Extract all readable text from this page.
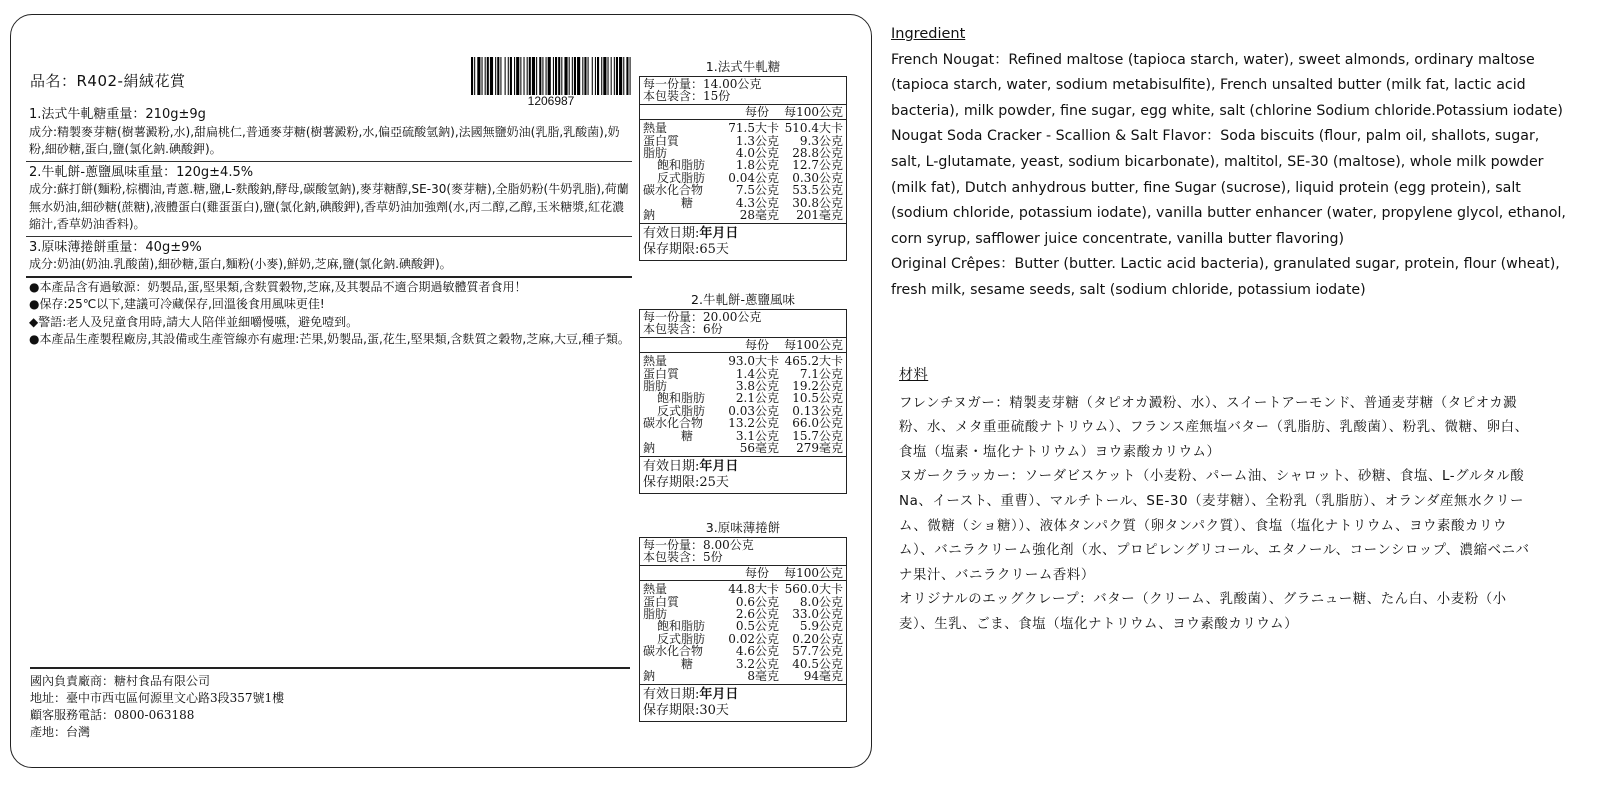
品名：R402-絹絨花賞
1206987
1.法式牛軋糖重量：210g±9g
成分:精製麥芽糖(樹薯澱粉,水),甜扁桃仁,普通麥芽糖(樹薯澱粉,水,偏亞硫酸氫鈉),法國無鹽奶油(乳脂,乳酸菌),奶粉,細砂糖,蛋白,鹽(氯化鈉.碘酸鉀)。
2.牛軋餅-蔥鹽風味重量：120g±4.5%
成分:蘇打餅(麵粉,棕櫚油,青蔥.糖,鹽,L-麩酸鈉,酵母,碳酸氫鈉),麥芽糖醇,SE-30(麥芽糖),全脂奶粉(牛奶乳脂),荷蘭無水奶油,細砂糖(蔗糖),液體蛋白(雞蛋蛋白),鹽(氯化鈉,碘酸鉀),香草奶油加強劑(水,丙二醇,乙醇,玉米糖漿,紅花濃縮汁,香草奶油香料)。
3.原味薄捲餅重量：40g±9%
成分:奶油(奶油.乳酸菌),細砂糖,蛋白,麵粉(小麥),鮮奶,芝麻,鹽(氯化鈉.碘酸鉀)。
●本產品含有過敏源：奶製品,蛋,堅果類,含麩質穀物,芝麻,及其製品不適合期過敏體質者食用！
●保存:25℃以下,建議可冷藏保存,回溫後食用風味更佳!
◆警語:老人及兒童食用時,請大人陪伴並細嚼慢嚥，避免噎到。
●本產品生產製程廠房,其設備或生產管線亦有處理:芒果,奶製品,蛋,花生,堅果類,含麩質之穀物,芝麻,大豆,種子類。
國內負責廠商：糖村食品有限公司
地址：臺中市西屯區何源里文心路3段357號1樓
顧客服務電話：0800-063188
產地：台灣
1.法式牛軋糖
每一份量：14.00公克
本包裝含：15份
每份	每100公克
熱量	71.5大卡 510.4大卡
蛋白質	1.3公克	9.3公克
脂肪	4.0公克	28.8公克
飽和脂肪	1.8公克	12.7公克
反式脂肪	0.04公克	0.30公克
碳水化合物	7.5公克	53.5公克
糖	4.3公克	30.8公克
鈉	28毫克	201毫克
有效日期:年月日
保存期限:65天
2.牛軋餅-蔥鹽風味
每一份量：20.00公克
本包裝含：6份
每份	每100公克
熱量	93.0大卡 465.2大卡
蛋白質	1.4公克	7.1公克
脂肪	3.8公克	19.2公克
飽和脂肪	2.1公克	10.5公克
反式脂肪	0.03公克	0.13公克
碳水化合物	13.2公克	66.0公克
糖	3.1公克	15.7公克
鈉	56毫克	279毫克
有效日期:年月日
保存期限:25天
3.原味薄捲餅
每一份量：8.00公克
本包裝含：5份
每份	每100公克
熱量	44.8大卡 560.0大卡
蛋白質	0.6公克	8.0公克
脂肪	2.6公克	33.0公克
飽和脂肪	0.5公克	5.9公克
反式脂肪	0.02公克	0.20公克
碳水化合物	4.6公克	57.7公克
糖	3.2公克	40.5公克
鈉	8毫克	94毫克
有效日期:年月日
保存期限:30天
Ingredient
French Nougat：Refined maltose (tapioca starch, water), sweet almonds, ordinary maltose (tapioca starch, water, sodium metabisulfite), French unsalted butter (milk fat, lactic acid bacteria), milk powder, fine sugar, egg white, salt (chlorine Sodium chloride.Potassium iodate)
Nougat Soda Cracker - Scallion & Salt Flavor：Soda biscuits (flour, palm oil, shallots, sugar, salt, L-glutamate, yeast, sodium bicarbonate), maltitol, SE-30 (maltose), whole milk powder (milk fat), Dutch anhydrous butter, fine Sugar (sucrose), liquid protein (egg protein), salt (sodium chloride, potassium iodate), vanilla butter enhancer (water, propylene glycol, ethanol, corn syrup, safflower juice concentrate, vanilla butter flavoring)
Original Crêpes：Butter (butter. Lactic acid bacteria), granulated sugar, protein, flour (wheat), fresh milk, sesame seeds, salt (sodium chloride, potassium iodate)
材料
フレンチヌガー：精製麦芽糖（タピオカ澱粉、水）、スイートアーモンド、普通麦芽糖（タピオカ澱粉、水、メタ重亜硫酸ナトリウム）、フランス産無塩バター（乳脂肪、乳酸菌）、粉乳、微糖、卵白、食塩（塩素・塩化ナトリウム）ヨウ素酸カリウム）
ヌガークラッカー：ソーダビスケット（小麦粉、パーム油、シャロット、砂糖、食塩、L-グルタル酸Na、イースト、重曹）、マルチトール、SE-30（麦芽糖）、全粉乳（乳脂肪）、オランダ産無水クリーム、微糖（ショ糖））、液体タンパク質（卵タンパク質）、食塩（塩化ナトリウム、ヨウ素酸カリウム）、バニラクリーム強化剤（水、プロピレングリコール、エタノール、コーンシロップ、濃縮ベニバナ果汁、バニラクリーム香料）
オリジナルのエッグクレープ：バター（クリーム、乳酸菌）、グラニュー糖、たん白、小麦粉（小麦）、生乳、ごま、食塩（塩化ナトリウム、ヨウ素酸カリウム）
